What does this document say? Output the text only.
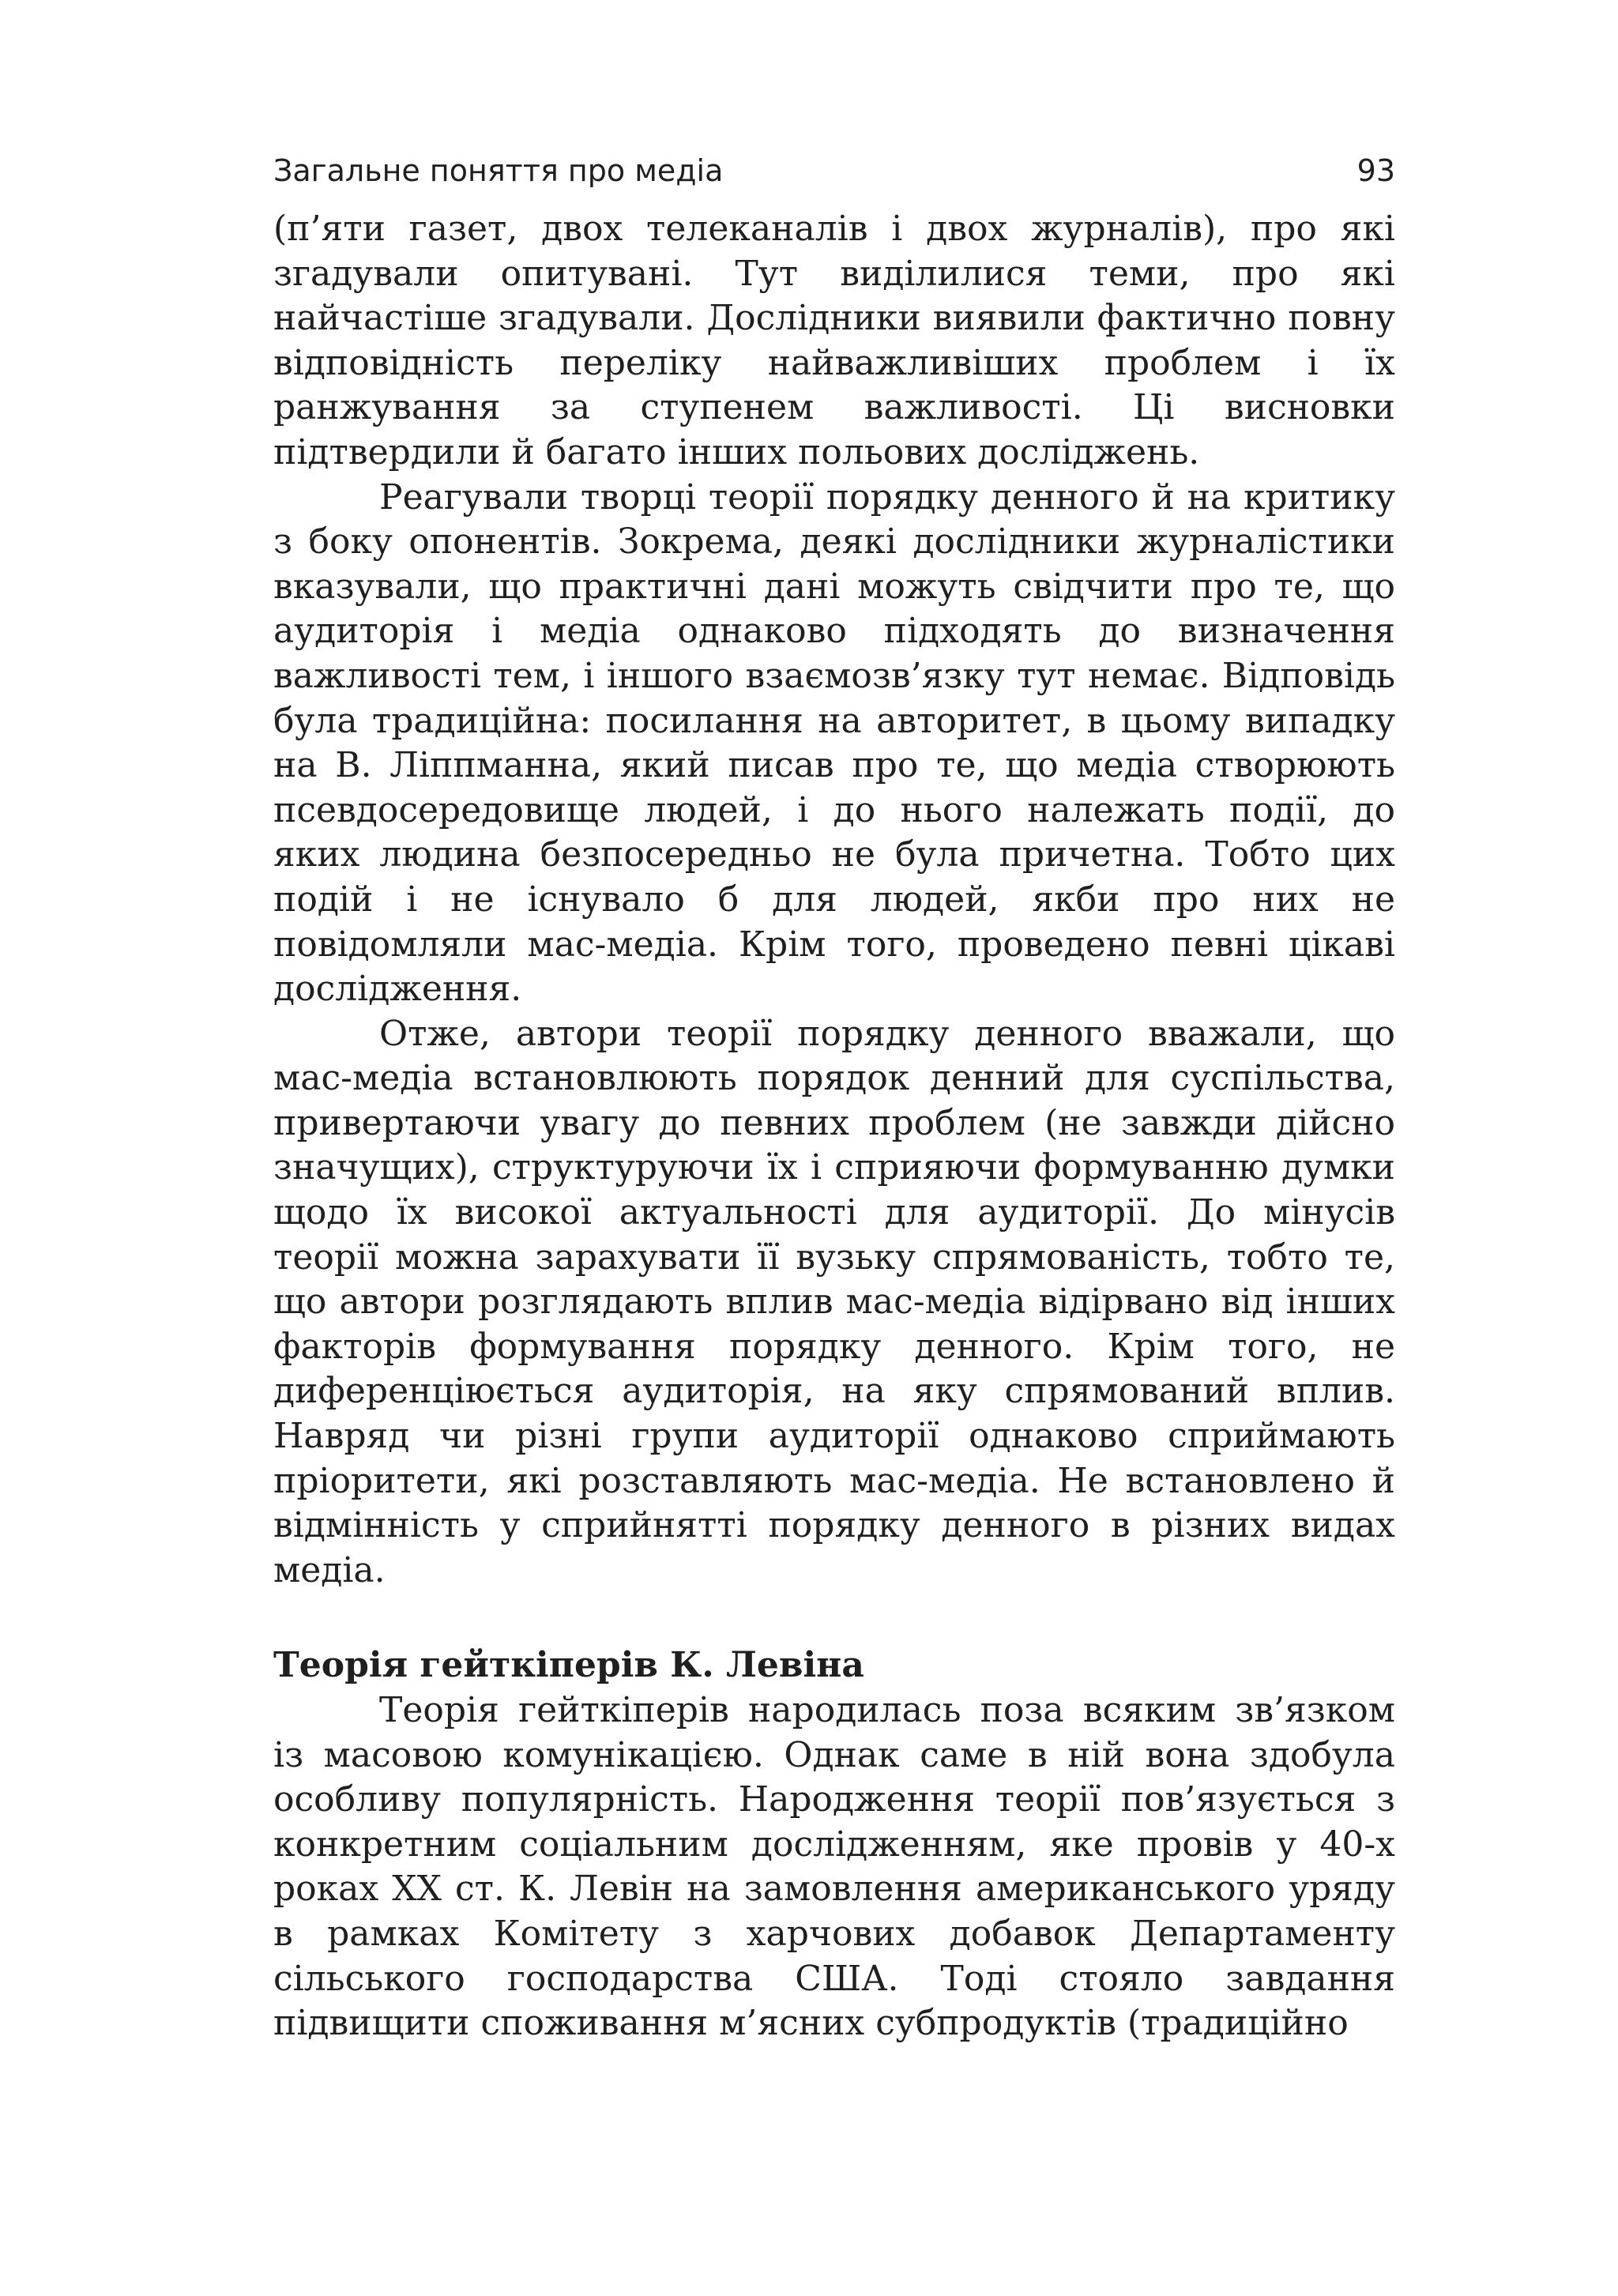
Загальне поняття про медіа	93

(п’яти газет, двох телеканалів і двох журналів), про які згадували опитувані. Тут виділилися теми, про які найчастіше згадували. Дослідники виявили фактично повну відповідність переліку найважливіших проблем і їх ранжування за ступенем важливості. Ці висновки підтвердили й багато інших польових досліджень.

Реагували творці теорії порядку денного й на критику з боку опонентів. Зокрема, деякі дослідники журналістики вказували, що практичні дані можуть свідчити про те, що аудиторія і медіа однаково підходять до визначення важливості тем, і іншого взаємозв’язку тут немає. Відповідь була традиційна: посилання на авторитет, в цьому випадку на В. Ліппманна, який писав про те, що медіа створюють псевдосередовище людей, і до нього належать події, до яких людина безпосередньо не була причетна. Тобто цих подій і не існувало б для людей, якби про них не повідомляли мас-медіа. Крім того, проведено певні цікаві дослідження.

Отже, автори теорії порядку денного вважали, що мас-медіа встановлюють порядок денний для суспільства, привертаючи увагу до певних проблем (не завжди дійсно значущих), структуруючи їх і сприяючи формуванню думки щодо їх високої актуальності для аудиторії. До мінусів теорії можна зарахувати її вузьку спрямованість, тобто те, що автори розглядають вплив мас-медіа відірвано від інших факторів формування порядку денного. Крім того, не диференціюється аудиторія, на яку спрямований вплив. Навряд чи різні групи аудиторії однаково сприймають пріоритети, які розставляють мас-медіа. Не встановлено й відмінність у сприйнятті порядку денного в різних видах медіа.

Теорія гейткіперів К. Левіна

Теорія гейткіперів народилась поза всяким зв’язком із масовою комунікацією. Однак саме в ній вона здобула особливу популярність. Народження теорії пов’язується з конкретним соціальним дослідженням, яке провів у 40-х роках XX ст. К. Левін на замовлення американського уряду в рамках Комітету з харчових добавок Департаменту сільського господарства США. Тоді стояло завдання підвищити споживання м’ясних субпродуктів (традиційно
